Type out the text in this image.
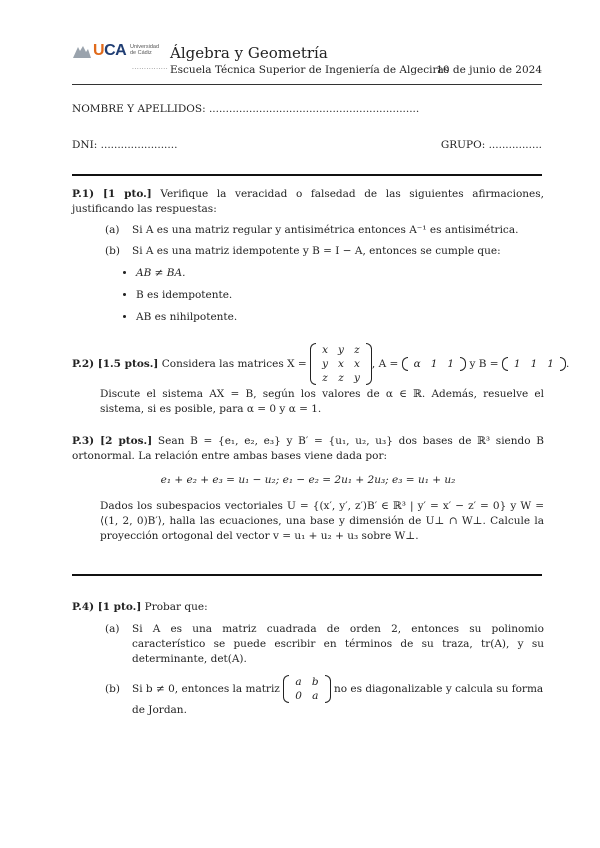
UCA Universidad de Cádiz
···············
Álgebra y Geometría
Escuela Técnica Superior de Ingeniería de Algeciras
10 de junio de 2024
NOMBRE Y APELLIDOS: ...............................................................
DNI: .......................	GRUPO: ................
P.1) [1 pto.] Verifique la veracidad o falsedad de las siguientes afirmaciones, justificando las respuestas:
(a) Si A es una matriz regular y antisimétrica entonces A⁻¹ es antisimétrica.
(b) Si A es una matriz idempotente y B = I − A, entonces se cumple que:
• AB ≠ BA.
• B es idempotente.
• AB es nihilpotente.
P.2) [1.5 ptos.] Considera las matrices X =
x	y	z
y	x	x
z	z	y
, A = α	1	1 y B = 1	1	1 .
Discute el sistema AX = B, según los valores de α ∈ ℝ. Además, resuelve el sistema, si es posible, para α = 0 y α = 1.
P.3) [2 ptos.] Sean B = {e₁, e₂, e₃} y B′ = {u₁, u₂, u₃} dos bases de ℝ³ siendo B ortonormal. La relación entre ambas bases viene dada por:
e₁ + e₂ + e₃ = u₁ − u₂; e₁ − e₂ = 2u₁ + 2u₃; e₃ = u₁ + u₂
Dados los subespacios vectoriales U = {(x′, y′, z′)B′ ∈ ℝ³ | y′ = x′ − z′ = 0} y W = ⟨(1, 2, 0)B′⟩, halla las ecuaciones, una base y dimensión de U⊥ ∩ W⊥. Calcule la proyección ortogonal del vector v = u₁ + u₂ + u₃ sobre W⊥.
P.4) [1 pto.] Probar que:
(a) Si A es una matriz cuadrada de orden 2, entonces su polinomio característico se puede escribir en términos de su traza, tr(A), y su determinante, det(A).
(b) Si b ≠ 0, entonces la matriz
a	b
0	a
no es diagonalizable y calcula su forma de Jordan.
